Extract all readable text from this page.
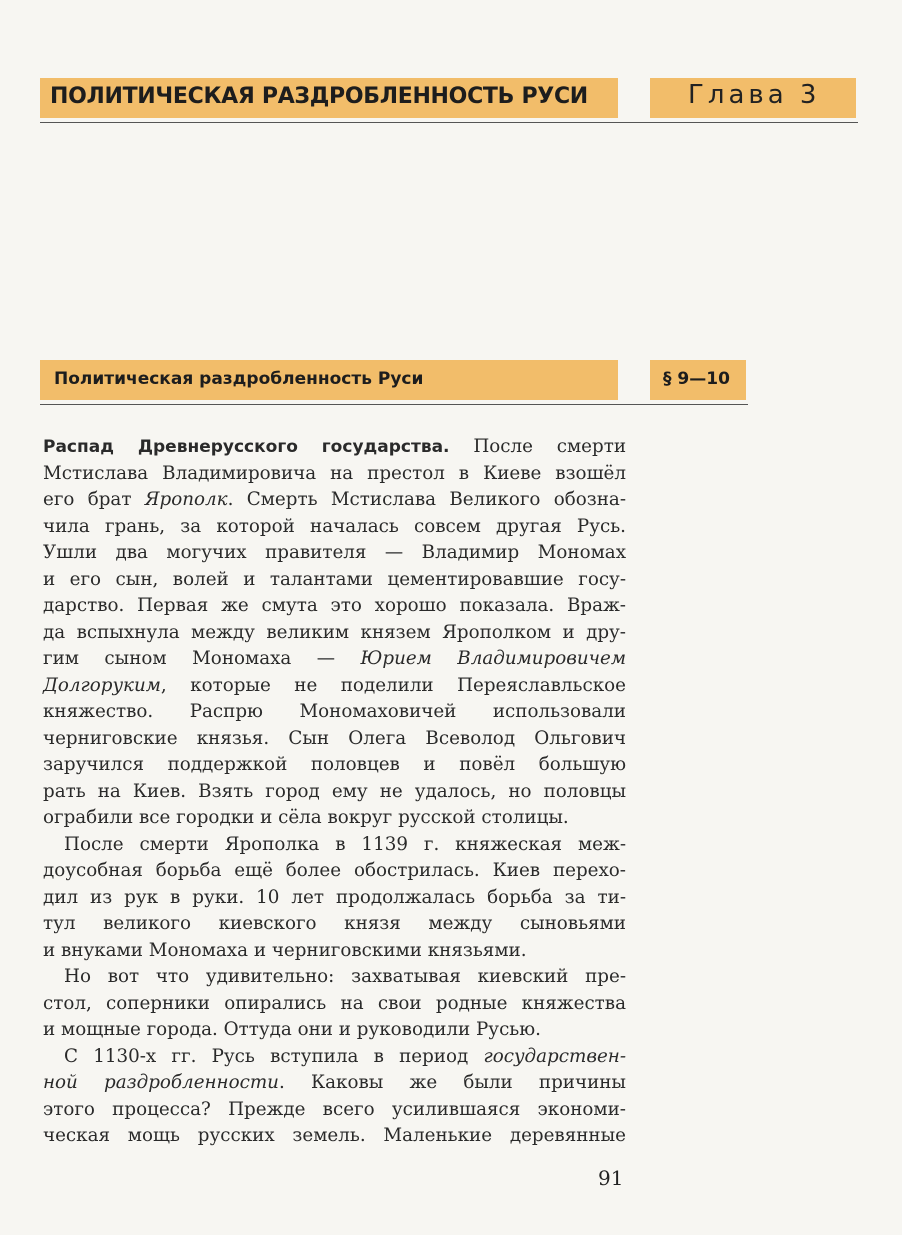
ПОЛИТИЧЕСКАЯ РАЗДРОБЛЕННОСТЬ РУСИ	Глава 3
Политическая раздробленность Руси	§ 9—10
Распад Древнерусского государства. После смерти
Мстислава Владимировича на престол в Киеве взошёл
его брат Ярополк. Смерть Мстислава Великого обозна-
чила грань, за которой началась совсем другая Русь.
Ушли два могучих правителя — Владимир Мономах
и его сын, волей и талантами цементировавшие госу-
дарство. Первая же смута это хорошо показала. Враж-
да вспыхнула между великим князем Ярополком и дру-
гим сыном Мономаха — Юрием Владимировичем
Долгоруким, которые не поделили Переяславльское
княжество. Распрю Мономаховичей использовали
черниговские князья. Сын Олега Всеволод Ольгович
заручился поддержкой половцев и повёл большую
рать на Киев. Взять город ему не удалось, но половцы
ограбили все городки и сёла вокруг русской столицы.
После смерти Ярополка в 1139 г. княжеская меж-
доусобная борьба ещё более обострилась. Киев перехо-
дил из рук в руки. 10 лет продолжалась борьба за ти-
тул великого киевского князя между сыновьями
и внуками Мономаха и черниговскими князьями.
Но вот что удивительно: захватывая киевский пре-
стол, соперники опирались на свои родные княжества
и мощные города. Оттуда они и руководили Русью.
С 1130-х гг. Русь вступила в период государствен-
ной раздробленности. Каковы же были причины
этого процесса? Прежде всего усилившаяся экономи-
ческая мощь русских земель. Маленькие деревянные
91
